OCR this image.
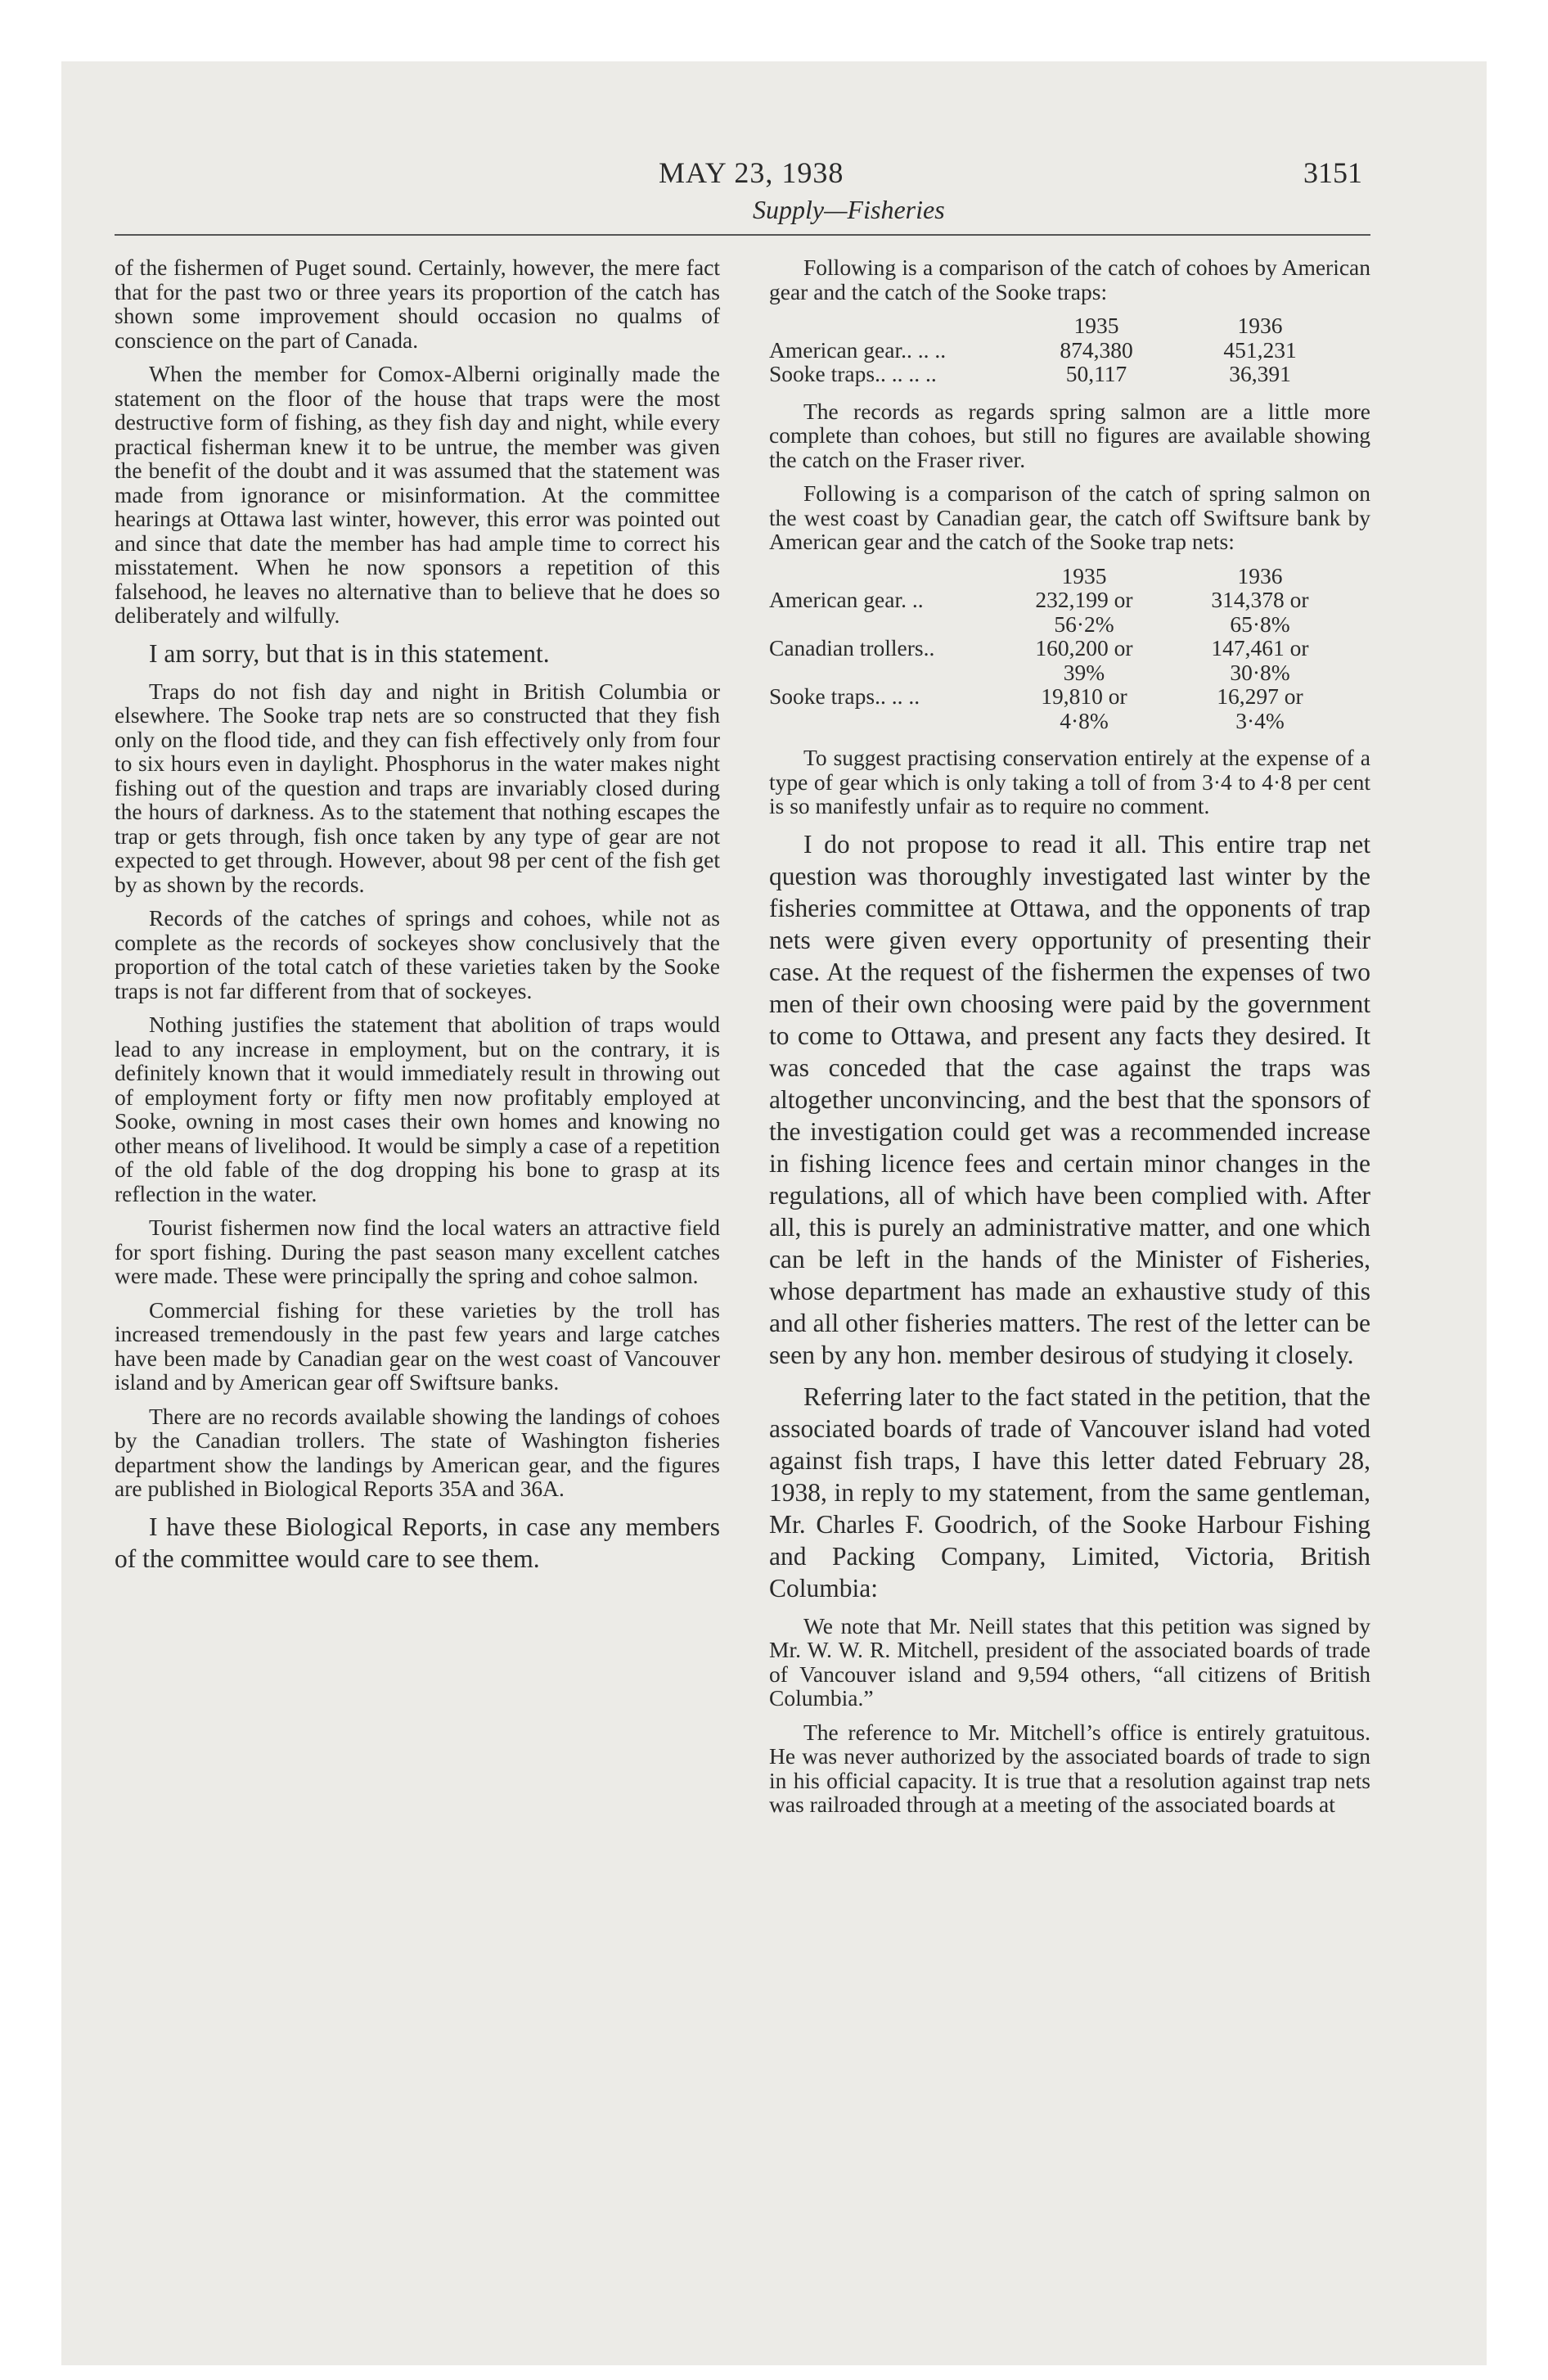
MAY 23, 1938
Supply—Fisheries
3151

of the fishermen of Puget sound. Certainly, however, the mere fact that for the past two or three years its proportion of the catch has shown some improvement should occasion no qualms of conscience on the part of Canada.

When the member for Comox-Alberni originally made the statement on the floor of the house that traps were the most destructive form of fishing, as they fish day and night, while every practical fisherman knew it to be untrue, the member was given the benefit of the doubt and it was assumed that the statement was made from ignorance or misinformation. At the committee hearings at Ottawa last winter, however, this error was pointed out and since that date the member has had ample time to correct his misstatement. When he now sponsors a repetition of this falsehood, he leaves no alternative than to believe that he does so deliberately and wilfully.

I am sorry, but that is in this statement.

Traps do not fish day and night in British Columbia or elsewhere. The Sooke trap nets are so constructed that they fish only on the flood tide, and they can fish effectively only from four to six hours even in daylight. Phosphorus in the water makes night fishing out of the question and traps are invariably closed during the hours of darkness. As to the statement that nothing escapes the trap or gets through, fish once taken by any type of gear are not expected to get through. However, about 98 per cent of the fish get by as shown by the records.

Records of the catches of springs and cohoes, while not as complete as the records of sockeyes show conclusively that the proportion of the total catch of these varieties taken by the Sooke traps is not far different from that of sockeyes.

Nothing justifies the statement that abolition of traps would lead to any increase in employment, but on the contrary, it is definitely known that it would immediately result in throwing out of employment forty or fifty men now profitably employed at Sooke, owning in most cases their own homes and knowing no other means of livelihood. It would be simply a case of a repetition of the old fable of the dog dropping his bone to grasp at its reflection in the water.

Tourist fishermen now find the local waters an attractive field for sport fishing. During the past season many excellent catches were made. These were principally the spring and cohoe salmon.

Commercial fishing for these varieties by the troll has increased tremendously in the past few years and large catches have been made by Canadian gear on the west coast of Vancouver island and by American gear off Swiftsure banks.

There are no records available showing the landings of cohoes by the Canadian trollers. The state of Washington fisheries department show the landings by American gear, and the figures are published in Biological Reports 35A and 36A.

I have these Biological Reports, in case any members of the committee would care to see them.

Following is a comparison of the catch of cohoes by American gear and the catch of the Sooke traps:

	1935	1936
American gear.. .. ..	874,380	451,231
Sooke traps.. .. .. ..	50,117	36,391

The records as regards spring salmon are a little more complete than cohoes, but still no figures are available showing the catch on the Fraser river.

Following is a comparison of the catch of spring salmon on the west coast by Canadian gear, the catch off Swiftsure bank by American gear and the catch of the Sooke trap nets:

	1935	1936
American gear. ..	232,199 or	314,378 or
	56·2%	65·8%
Canadian trollers..	160,200 or	147,461 or
	39%	30·8%
Sooke traps.. .. ..	19,810 or	16,297 or
	4·8%	3·4%

To suggest practising conservation entirely at the expense of a type of gear which is only taking a toll of from 3·4 to 4·8 per cent is so manifestly unfair as to require no comment.

I do not propose to read it all. This entire trap net question was thoroughly investigated last winter by the fisheries committee at Ottawa, and the opponents of trap nets were given every opportunity of presenting their case. At the request of the fishermen the expenses of two men of their own choosing were paid by the government to come to Ottawa, and present any facts they desired. It was conceded that the case against the traps was altogether unconvincing, and the best that the sponsors of the investigation could get was a recommended increase in fishing licence fees and certain minor changes in the regulations, all of which have been complied with. After all, this is purely an administrative matter, and one which can be left in the hands of the Minister of Fisheries, whose department has made an exhaustive study of this and all other fisheries matters. The rest of the letter can be seen by any hon. member desirous of studying it closely.

Referring later to the fact stated in the petition, that the associated boards of trade of Vancouver island had voted against fish traps, I have this letter dated February 28, 1938, in reply to my statement, from the same gentleman, Mr. Charles F. Goodrich, of the Sooke Harbour Fishing and Packing Company, Limited, Victoria, British Columbia:

We note that Mr. Neill states that this petition was signed by Mr. W. W. R. Mitchell, president of the associated boards of trade of Vancouver island and 9,594 others, “all citizens of British Columbia.”

The reference to Mr. Mitchell’s office is entirely gratuitous. He was never authorized by the associated boards of trade to sign in his official capacity. It is true that a resolution against trap nets was railroaded through at a meeting of the associated boards at
